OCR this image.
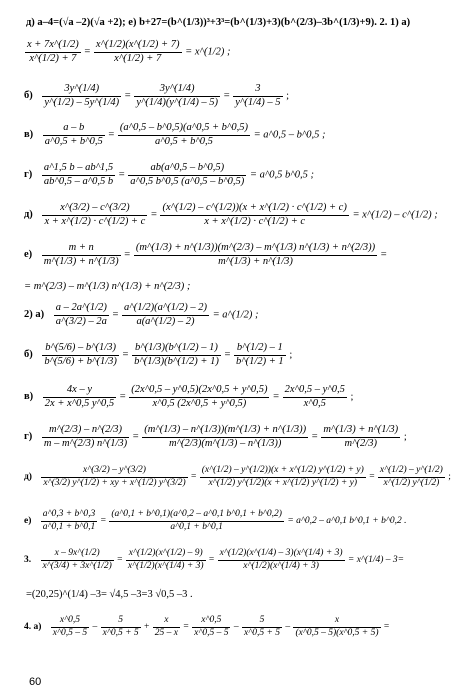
д) a–4=(√a –2)(√a +2); е) b+27=(b^(1/3))³+3³=(b^(1/3)+3)(b^(2/3)–3b^(1/3)+9). 2. 1) а)
$\frac{x + 7x\^{}(1/2)}{x\^{}(1/2) + 7} = \frac{x\^{}(1/2)(x\^{}(1/2) + 7)}{x\^{}(1/2) + 7}$ = x^(1/2) ;
$б) \frac{3y\^{}(1/4)}{y\^{}(1/2) - 5y\^{}(1/4)} = \frac{3y\^{}(1/4)}{y\^{}(1/4)(y\^{}(1/4) - 5)} = \frac{3}{y\^{}(1/4) - 5}$ ;
$в) \frac{a - b}{a\^{}0,5 + b\^{}0,5} = \frac{(a\^{}0,5 - b\^{}0,5)(a\^{}0,5 + b\^{}0,5)}{a\^{}0,5 + b\^{}0,5}$ = a^0,5 – b^0,5 ;
$г) \frac{a\^{}1,5 b - ab\^{}1,5}{ab\^{}0,5 - a\^{}0,5 b} = \frac{ab(a\^{}0,5 - b\^{}0,5)}{a\^{}0,5 b\^{}0,5 (a\^{}0,5 - b\^{}0,5)}$ = a^0,5 b^0,5 ;
$д) \frac{x\^{}(3/2) - c\^{}(3/2)}{x + x\^{}(1/2) \cdot c\^{}(1/2) + c} = \frac{(x\^{}(1/2) - c\^{}(1/2))(x + x\^{}(1/2) \cdot c\^{}(1/2) + c)}{x + x\^{}(1/2) \cdot c\^{}(1/2) + c}$ = x^(1/2) – c^(1/2) ;
$е) \frac{m + n}{m\^{}(1/3) + n\^{}(1/3)} = \frac{(m\^{}(1/3) + n\^{}(1/3))(m\^{}(2/3) - m\^{}(1/3) n\^{}(1/3) + n\^{}(2/3))}{m\^{}(1/3) + n\^{}(1/3)}$ =
= m^(2/3) – m^(1/3) n^(1/3) + n^(2/3) ;
2) $а) \frac{a - 2a\^{}(1/2)}{a\^{}(3/2) - 2a} = \frac{a\^{}(1/2)(a\^{}(1/2) - 2)}{a(a\^{}(1/2) - 2)}$ = a^(1/2) ;
$б) \frac{b\^{}(5/6) - b\^{}(1/3)}{b\^{}(5/6) + b\^{}(1/3)} = \frac{b\^{}(1/3)(b\^{}(1/2) - 1)}{b\^{}(1/3)(b\^{}(1/2) + 1)} = \frac{b\^{}(1/2) - 1}{b\^{}(1/2) + 1}$ ;
$в) \frac{4x - y}{2x + x\^{}0,5 y\^{}0,5} = \frac{(2x\^{}0,5 - y\^{}0,5)(2x\^{}0,5 + y\^{}0,5)}{x\^{}0,5 (2x\^{}0,5 + y\^{}0,5)} = \frac{2x\^{}0,5 - y\^{}0,5}{x\^{}0,5}$ ;
$г) \frac{m\^{}(2/3) - n\^{}(2/3)}{m - m\^{}(2/3) n\^{}(1/3)} = \frac{(m\^{}(1/3) - n\^{}(1/3))(m\^{}(1/3) + n\^{}(1/3))}{m\^{}(2/3)(m\^{}(1/3) - n\^{}(1/3))} = \frac{m\^{}(1/3) + n\^{}(1/3)}{m\^{}(2/3)}$ ;
$д) \frac{x\^{}(3/2) - y\^{}(3/2)}{x\^{}(3/2) y\^{}(1/2) + xy + x\^{}(1/2) y\^{}(3/2)} = \frac{(x\^{}(1/2) - y\^{}(1/2))(x + x\^{}(1/2) y\^{}(1/2) + y)}{x\^{}(1/2) y\^{}(1/2)(x + x\^{}(1/2) y\^{}(1/2) + y)} = \frac{x\^{}(1/2) - y\^{}(1/2)}{x\^{}(1/2) y\^{}(1/2)}$ ;
$е) \frac{a\^{}0,3 + b\^{}0,3}{a\^{}0,1 + b\^{}0,1} = \frac{(a\^{}0,1 + b\^{}0,1)(a\^{}0,2 - a\^{}0,1 b\^{}0,1 + b\^{}0,2)}{a\^{}0,1 + b\^{}0,1}$ = a^0,2 – a^0,1 b^0,1 + b^0,2 .
3. $\frac{x - 9x\^{}(1/2)}{x\^{}(3/4) + 3x\^{}(1/2)} = \frac{x\^{}(1/2)(x\^{}(1/2) - 9)}{x\^{}(1/2)(x\^{}(1/4) + 3)} = \frac{x\^{}(1/2)(x\^{}(1/4) - 3)(x\^{}(1/4) + 3)}{x\^{}(1/2)(x\^{}(1/4) + 3)}$ = x^(1/4) – 3=
=(20,25)^(1/4) –3= √4,5 –3=3 √0,5 –3 .
4. $а) \frac{x\^{}0,5}{x\^{}0,5 - 5} - \frac{5}{x\^{}0,5 + 5} + \frac{x}{25 - x} = \frac{x\^{}0,5}{x\^{}0,5 - 5} - \frac{5}{x\^{}0,5 + 5} - \frac{x}{(x\^{}0,5 - 5)(x\^{}0,5 + 5)}$ =
60
